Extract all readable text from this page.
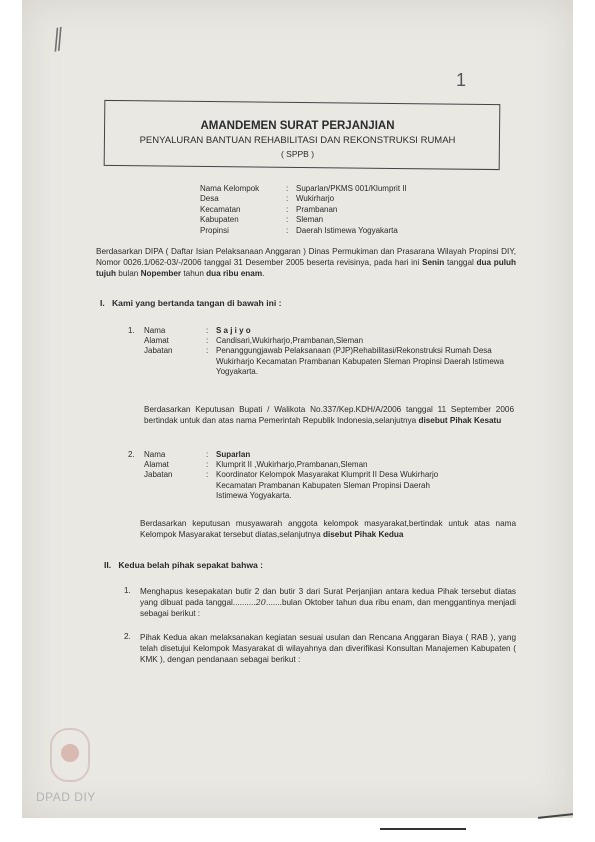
//
1
AMANDEMEN SURAT PERJANJIAN
PENYALURAN BANTUAN REHABILITASI DAN REKONSTRUKSI RUMAH
( SPPB )
Nama Kelompok	: Suparlan/PKMS 001/Klumprit II
Desa	: Wukirharjo
Kecamatan	: Prambanan
Kabupaten	: Sleman
Propinsi	: Daerah Istimewa Yogyakarta
Berdasarkan DIPA ( Daftar Isian Pelaksanaan Anggaran ) Dinas Permukiman dan Prasarana Wilayah Propinsi DIY, Nomor 0026.1/062-03/-/2006 tanggal 31 Desember 2005 beserta revisinya, pada hari ini Senin tanggal dua puluh tujuh bulan Nopember tahun dua ribu enam.
I. Kami yang bertanda tangan di bawah ini :
1.	Nama	: S a j i y o
Alamat	: Candisari,Wukirharjo,Prambanan,Sleman
Jabatan	: Penanggungjawab Pelaksanaan (PJP)Rehabilitasi/Rekonstruksi Rumah Desa Wukirharjo Kecamatan Prambanan Kabupaten Sleman Propinsi Daerah Istimewa Yogyakarta.
Berdasarkan Keputusan Bupati / Walikota No.337/Kep.KDH/A/2006 tanggal 11 September 2006 bertindak untuk dan atas nama Pemerintah Republik Indonesia,selanjutnya disebut Pihak Kesatu
2.	Nama	: Suparlan
Alamat	: Klumprit II ,Wukirharjo,Prambanan,Sleman
Jabatan	: Koordinator Kelompok Masyarakat Klumprit II Desa Wukirharjo Kecamatan Prambanan Kabupaten Sleman Propinsi Daerah Istimewa Yogyakarta.
Berdasarkan keputusan musyawarah anggota kelompok masyarakat,bertindak untuk atas nama Kelompok Masyarakat tersebut diatas,selanjutnya disebut Pihak Kedua
II. Kedua belah pihak sepakat bahwa :
1. Menghapus kesepakatan butir 2 dan butir 3 dari Surat Perjanjian antara kedua Pihak tersebut diatas yang dibuat pada tanggal..........20.......bulan Oktober tahun dua ribu enam, dan menggantinya menjadi sebagai berikut :
2. Pihak Kedua akan melaksanakan kegiatan sesuai usulan dan Rencana Anggaran Biaya ( RAB ), yang telah disetujui Kelompok Masyarakat di wilayahnya dan diverifikasi Konsultan Manajemen Kabupaten ( KMK ), dengan pendanaan sebagai berikut :
DPAD DIY
